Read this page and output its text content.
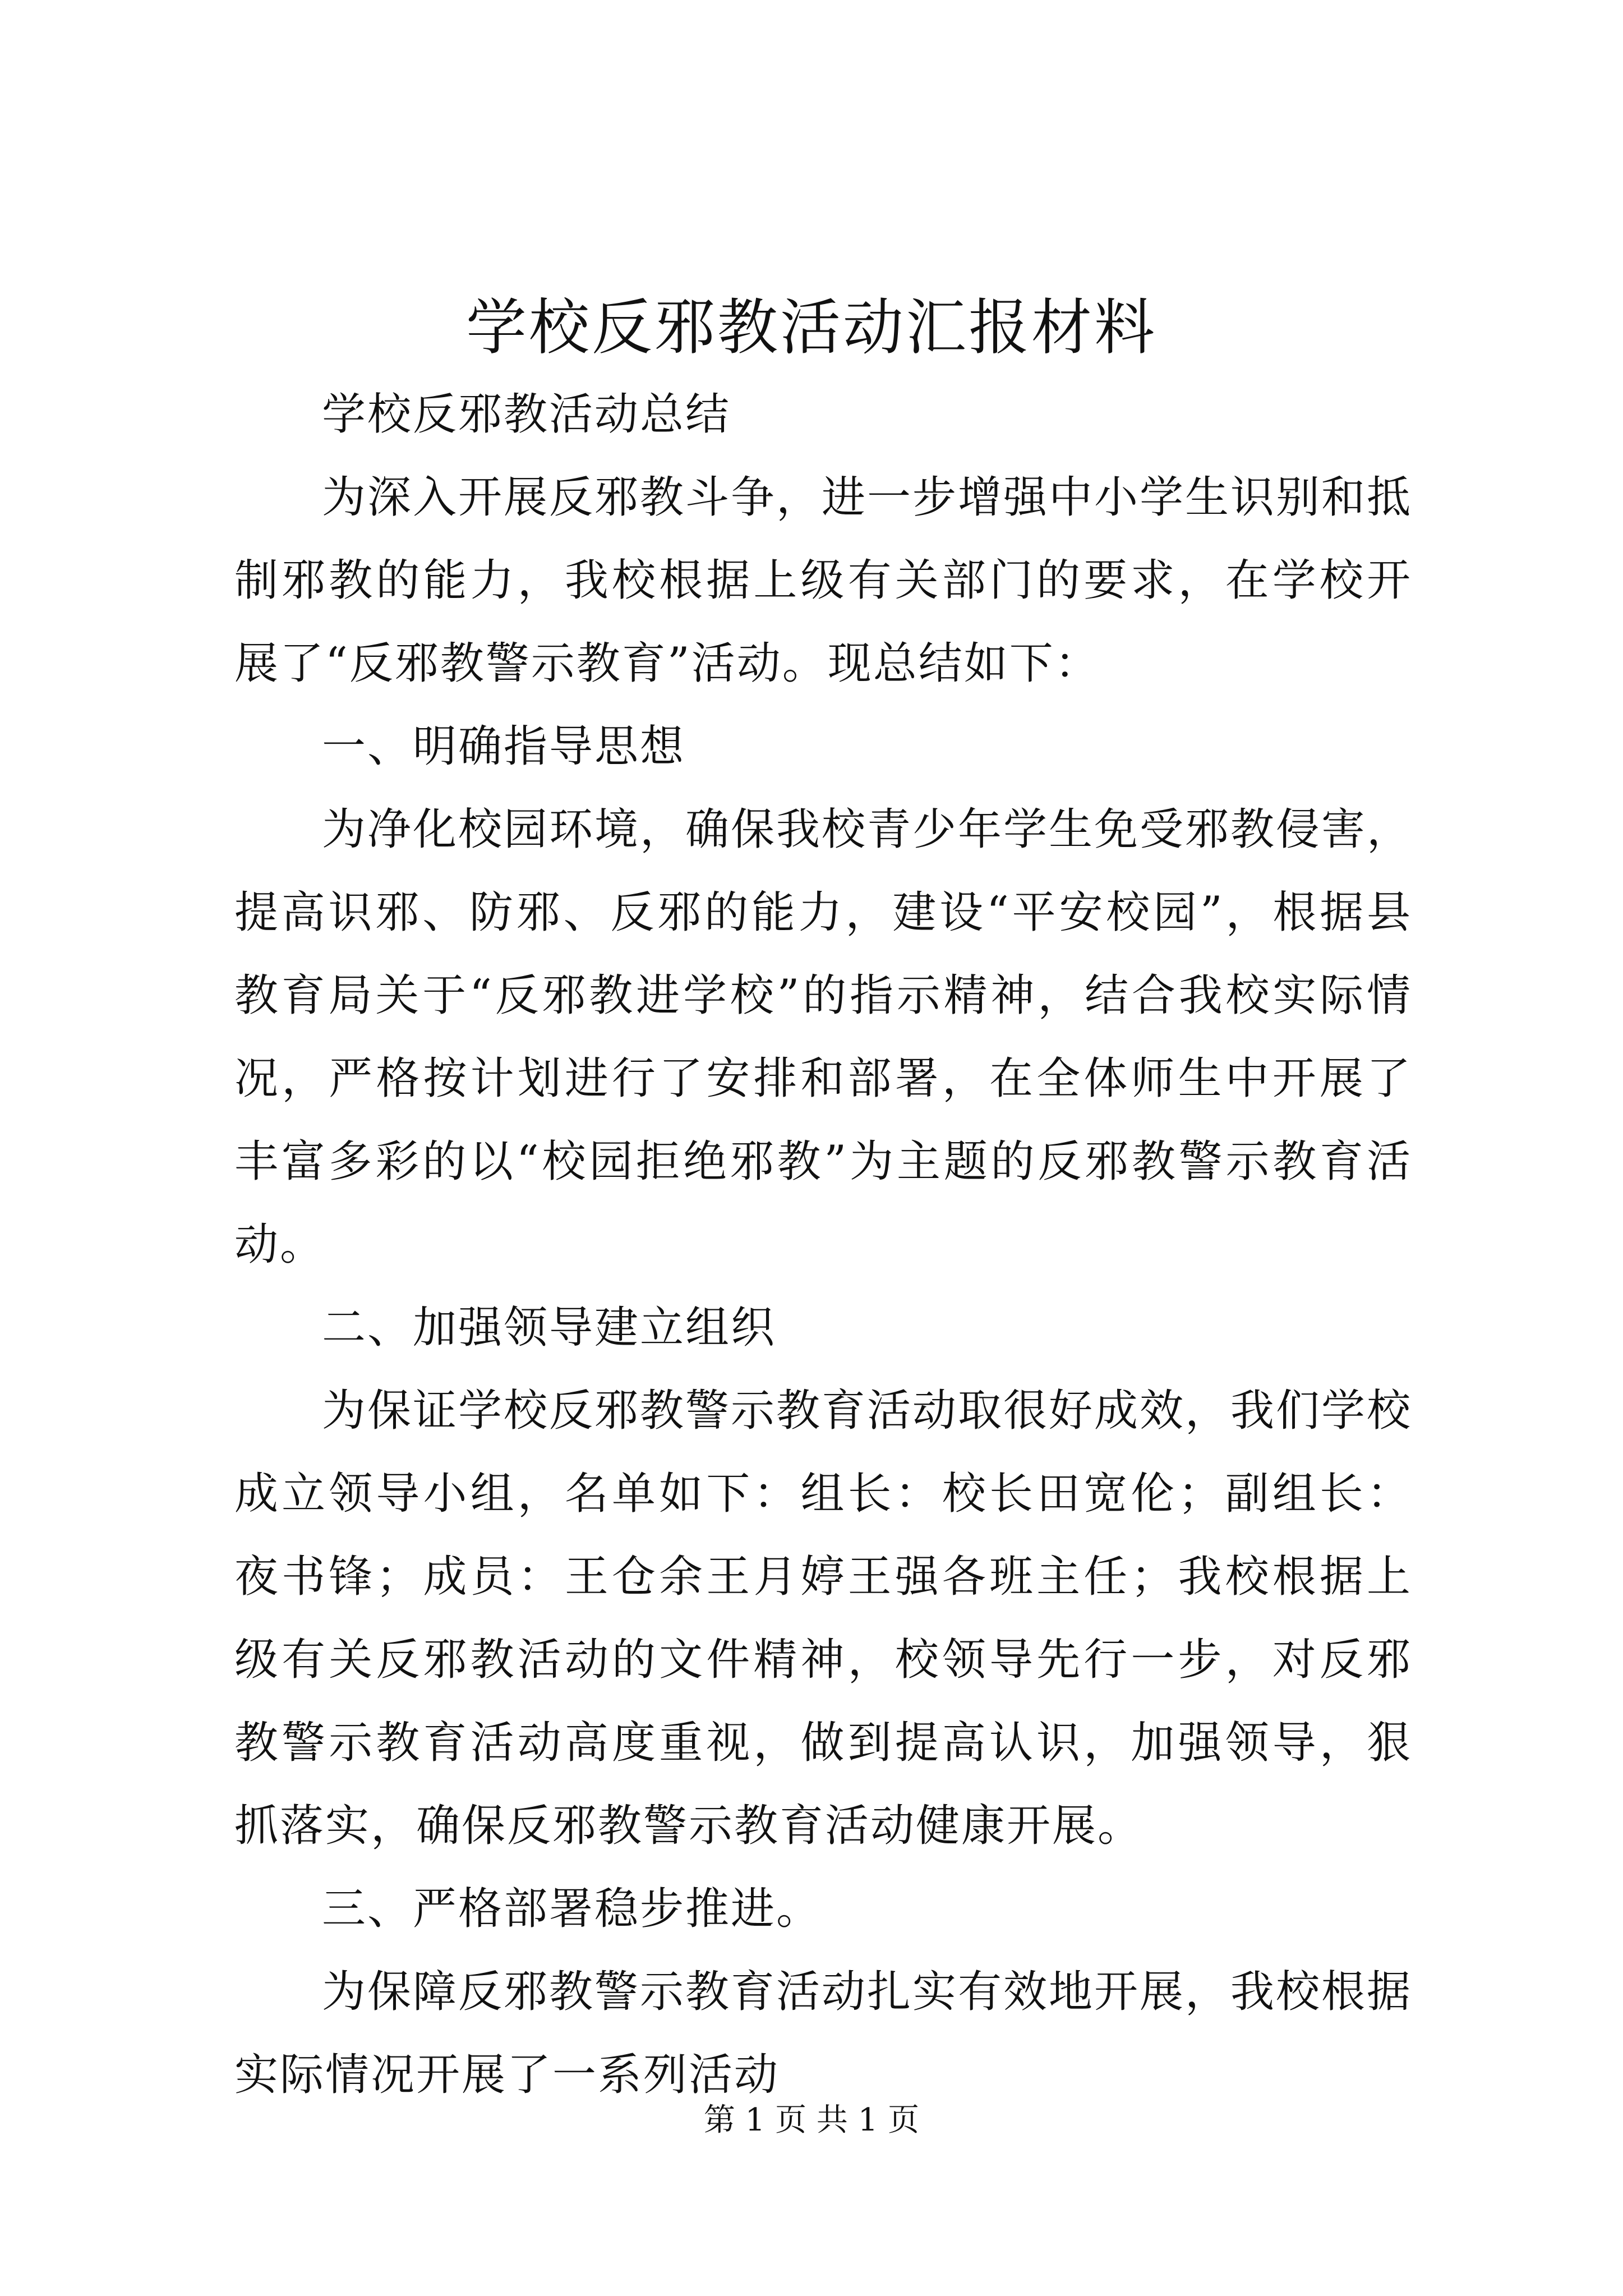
学校反邪教活动汇报材料

学校反邪教活动总结

为深入开展反邪教斗争，进一步增强中小学生识别和抵制邪教的能力，我校根据上级有关部门的要求，在学校开展了“反邪教警示教育”活动。现总结如下：

一、明确指导思想

为净化校园环境，确保我校青少年学生免受邪教侵害，提高识邪、防邪、反邪的能力，建设“平安校园”，根据县教育局关于“反邪教进学校”的指示精神，结合我校实际情况，严格按计划进行了安排和部署，在全体师生中开展了丰富多彩的以“校园拒绝邪教”为主题的反邪教警示教育活动。

二、加强领导建立组织

为保证学校反邪教警示教育活动取很好成效，我们学校成立领导小组，名单如下：组长：校长田宽伦；副组长：夜书锋；成员：王仓余王月婷王强各班主任；我校根据上级有关反邪教活动的文件精神，校领导先行一步，对反邪教警示教育活动高度重视，做到提高认识，加强领导，狠抓落实，确保反邪教警示教育活动健康开展。

三、严格部署稳步推进。

为保障反邪教警示教育活动扎实有效地开展，我校根据实际情况开展了一系列活动

第 1 页 共 1 页
